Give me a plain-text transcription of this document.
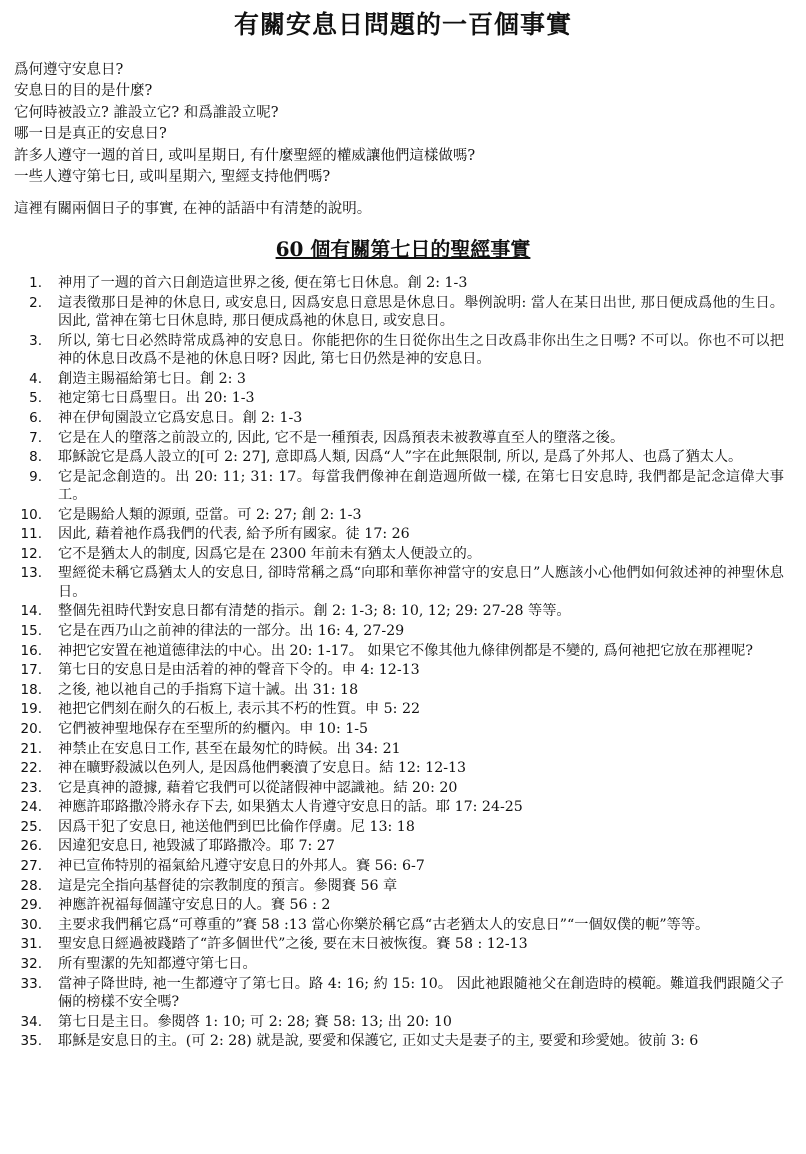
有關安息日問題的一百個事實
爲何遵守安息日?
安息日的目的是什麼?
它何時被設立? 誰設立它? 和爲誰設立呢?
哪一日是真正的安息日?
許多人遵守一週的首日, 或叫星期日, 有什麼聖經的權威讓他們這樣做嗎?
一些人遵守第七日, 或叫星期六, 聖經支持他們嗎?

這裡有關兩個日子的事實, 在神的話語中有清楚的說明。

60 個有關第七日的聖經事實
1.	神用了一週的首六日創造這世界之後, 便在第七日休息。創 2: 1-3
2.	這表徵那日是神的休息日, 或安息日, 因爲安息日意思是休息日。舉例說明: 當人在某日出世, 那日便成爲他的生日。因此, 當神在第七日休息時, 那日便成爲祂的休息日, 或安息日。
3.	所以, 第七日必然時常成爲神的安息日。你能把你的生日從你出生之日改爲非你出生之日嗎? 不可以。你也不可以把神的休息日改爲不是祂的休息日呀? 因此, 第七日仍然是神的安息日。
4.	創造主賜福給第七日。創 2: 3
5.	祂定第七日爲聖日。出 20: 1-3
6.	神在伊甸園設立它爲安息日。創 2: 1-3
7.	它是在人的墮落之前設立的, 因此, 它不是一種預表, 因爲預表未被教導直至人的墮落之後。
8.	耶穌說它是爲人設立的[可 2: 27], 意即爲人類, 因爲“人”字在此無限制, 所以, 是爲了外邦人、也爲了猶太人。
9.	它是記念創造的。出 20: 11; 31: 17。每當我們像神在創造週所做一樣, 在第七日安息時, 我們都是記念這偉大事工。
10.	它是賜給人類的源頭, 亞當。可 2: 27; 創 2: 1-3
11.	因此, 藉着祂作爲我們的代表, 給予所有國家。徒 17: 26
12.	它不是猶太人的制度, 因爲它是在 2300 年前未有猶太人便設立的。
13.	聖經從未稱它爲猶太人的安息日, 卻時常稱之爲“向耶和華你神當守的安息日”人應該小心他們如何敘述神的神聖休息日。
14.	整個先祖時代對安息日都有清楚的指示。創 2: 1-3; 8: 10, 12; 29: 27-28 等等。
15.	它是在西乃山之前神的律法的一部分。出 16: 4, 27-29
16.	神把它安置在祂道德律法的中心。出 20: 1-17。 如果它不像其他九條律例都是不變的, 爲何祂把它放在那裡呢?
17.	第七日的安息日是由活着的神的聲音下令的。申 4: 12-13
18.	之後, 祂以祂自己的手指寫下這十誡。出 31: 18
19.	祂把它們刻在耐久的石板上, 表示其不朽的性質。申 5: 22
20.	它們被神聖地保存在至聖所的約櫃內。申 10: 1-5
21.	神禁止在安息日工作, 甚至在最匆忙的時候。出 34: 21
22.	神在曠野殺滅以色列人, 是因爲他們褻瀆了安息日。結 12: 12-13
23.	它是真神的證據, 藉着它我們可以從諸假神中認識祂。結 20: 20
24.	神應許耶路撒冷將永存下去, 如果猶太人肯遵守安息日的話。耶 17: 24-25
25.	因爲干犯了安息日, 祂送他們到巴比倫作俘虜。尼 13: 18
26.	因違犯安息日, 祂毀滅了耶路撒冷。耶 7: 27
27.	神已宣佈特別的福氣給凡遵守安息日的外邦人。賽 56: 6-7
28.	這是完全指向基督徒的宗教制度的預言。參閱賽 56 章
29.	神應許祝福每個謹守安息日的人。賽 56 : 2
30.	主要求我們稱它爲“可尊重的”賽 58 :13 當心你樂於稱它爲“古老猶太人的安息日”“一個奴僕的軛”等等。
31.	聖安息日經過被踐踏了“許多個世代”之後, 要在末日被恢復。賽 58 : 12-13
32.	所有聖潔的先知都遵守第七日。
33.	當神子降世時, 祂一生都遵守了第七日。路 4: 16; 約 15: 10。 因此祂跟隨祂父在創造時的模範。難道我們跟隨父子倆的榜樣不安全嗎?
34.	第七日是主日。參閱啓 1: 10; 可 2: 28; 賽 58: 13; 出 20: 10
35.	耶穌是安息日的主。(可 2: 28) 就是說, 要愛和保護它, 正如丈夫是妻子的主, 要愛和珍愛她。彼前 3: 6
